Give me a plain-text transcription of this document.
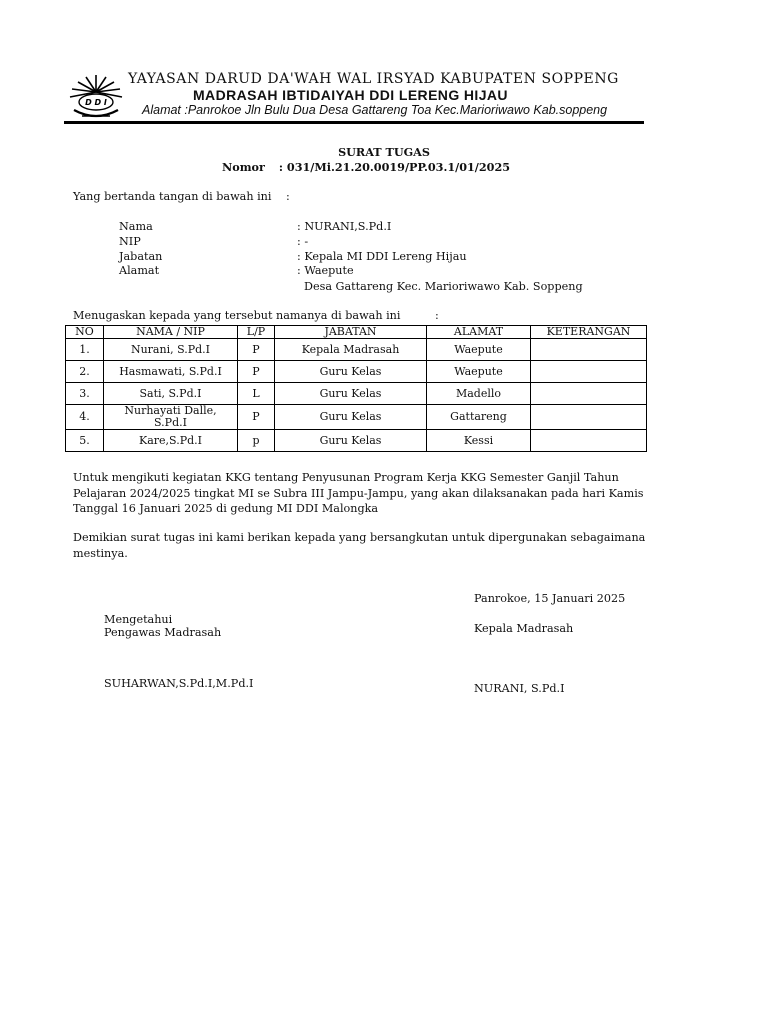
D D I
YAYASAN DARUD DA'WAH WAL IRSYAD KABUPATEN SOPPENG
MADRASAH IBTIDAIYAH DDI LERENG HIJAU
Alamat :Panrokoe Jln Bulu Dua Desa Gattareng Toa Kec.Marioriwawo Kab.soppeng
SURAT TUGAS
Nomor : 031/Mi.21.20.0019/PP.03.1/01/2025
Yang bertanda tangan di bawah ini :
Nama	: NURANI,S.Pd.I
NIP	: -
Jabatan	: Kepala MI DDI Lereng Hijau
Alamat	: Waepute
Desa Gattareng Kec. Marioriwawo Kab. Soppeng
Menugaskan kepada yang tersebut namanya di bawah ini	:
NO	NAMA / NIP	L/P	JABATAN	ALAMAT	KETERANGAN
1.	Nurani, S.Pd.I	P	Kepala Madrasah	Waepute	
2.	Hasmawati, S.Pd.I	P	Guru Kelas	Waepute	
3.	Sati, S.Pd.I	L	Guru Kelas	Madello	
4.	Nurhayati Dalle, S.Pd.I	P	Guru Kelas	Gattareng	
5.	Kare,S.Pd.I	p	Guru Kelas	Kessi	
Untuk mengikuti kegiatan KKG tentang Penyusunan Program Kerja KKG Semester Ganjil Tahun
Pelajaran 2024/2025 tingkat MI se Subra III Jampu-Jampu, yang akan dilaksanakan pada hari Kamis
Tanggal 16 Januari 2025 di gedung MI DDI Malongka
Demikian surat tugas ini kami berikan kepada yang bersangkutan untuk dipergunakan sebagaimana
mestinya.
Panrokoe, 15 Januari 2025
Mengetahui
Pengawas Madrasah	Kepala Madrasah
SUHARWAN,S.Pd.I,M.Pd.I	NURANI, S.Pd.I
